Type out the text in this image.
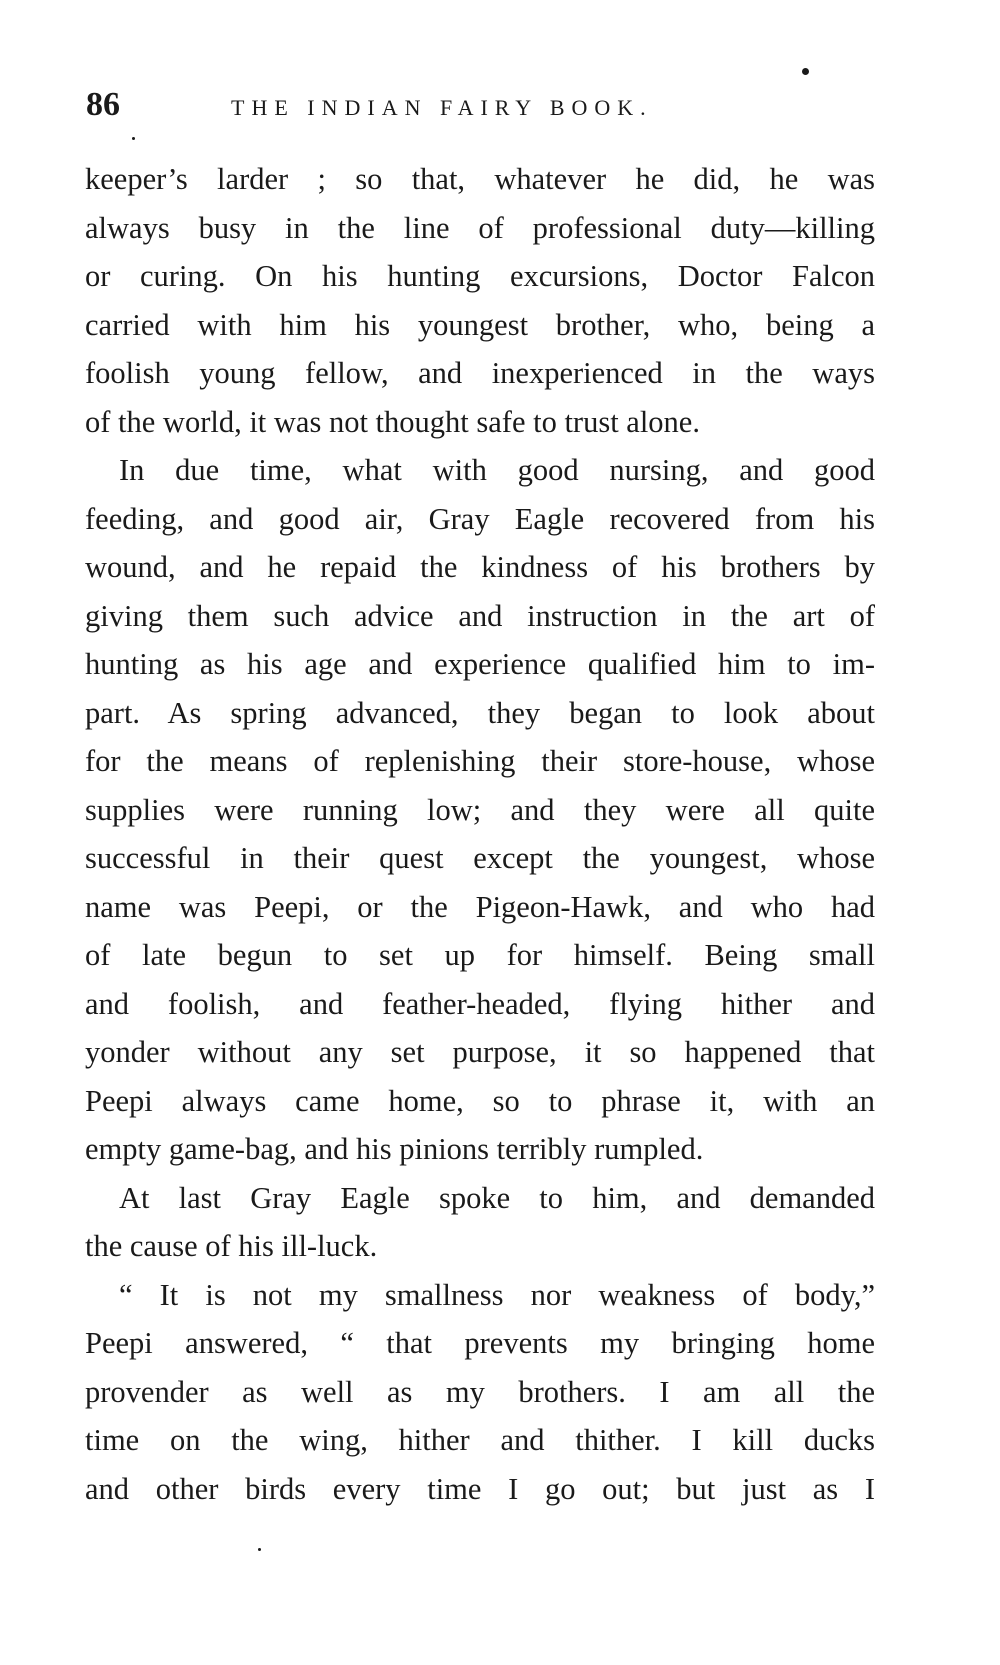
86	THE INDIAN FAIRY BOOK.
keeper’s larder ; so that, whatever he did, he was
always busy in the line of professional duty—killing
or curing. On his hunting excursions, Doctor Falcon
carried with him his youngest brother, who, being a
foolish young fellow, and inexperienced in the ways
of the world, it was not thought safe to trust alone.
In due time, what with good nursing, and good
feeding, and good air, Gray Eagle recovered from his
wound, and he repaid the kindness of his brothers by
giving them such advice and instruction in the art of
hunting as his age and experience qualified him to im-
part. As spring advanced, they began to look about
for the means of replenishing their store-house, whose
supplies were running low; and they were all quite
successful in their quest except the youngest, whose
name was Peepi, or the Pigeon-Hawk, and who had
of late begun to set up for himself. Being small
and foolish, and feather-headed, flying hither and
yonder without any set purpose, it so happened that
Peepi always came home, so to phrase it, with an
empty game-bag, and his pinions terribly rumpled.
At last Gray Eagle spoke to him, and demanded
the cause of his ill-luck.
“ It is not my smallness nor weakness of body,”
Peepi answered, “ that prevents my bringing home
provender as well as my brothers. I am all the
time on the wing, hither and thither. I kill ducks
and other birds every time I go out; but just as I
